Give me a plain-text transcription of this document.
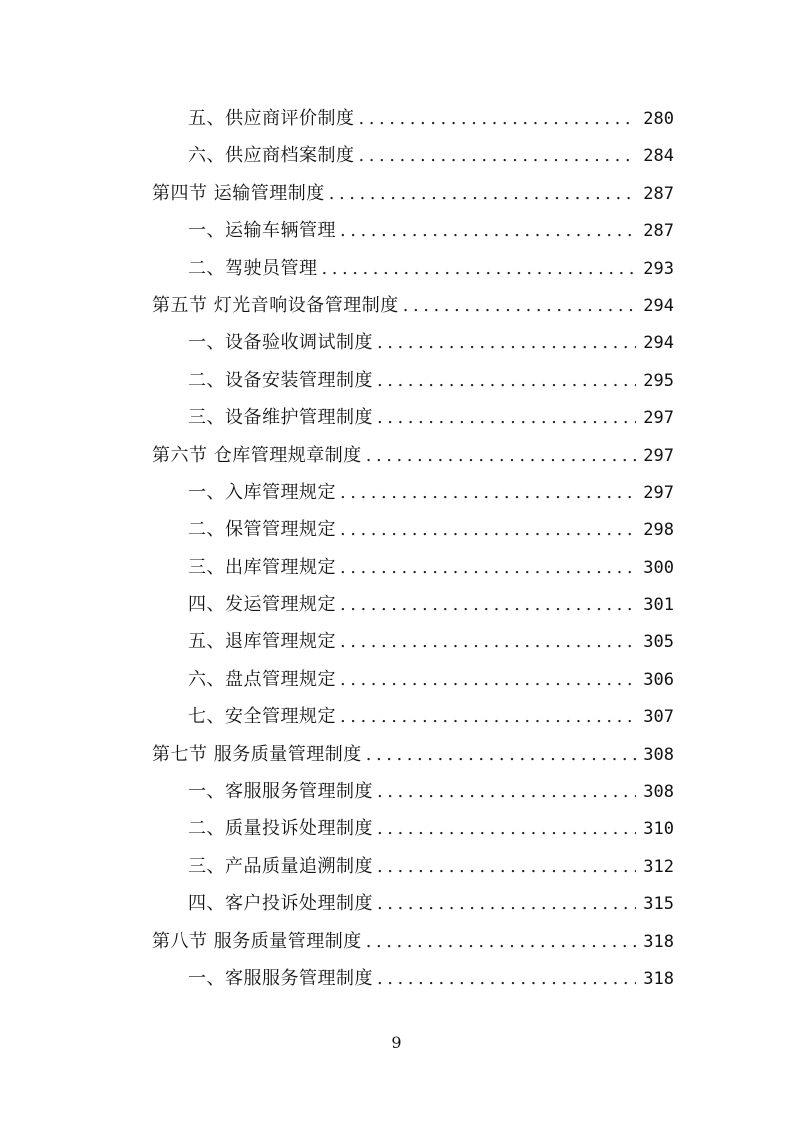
五、供应商评价制度 . . .	280
六、供应商档案制度 . . .	284
第四节 运输管理制度 . . .	287
一、运输车辆管理 . . .	287
二、驾驶员管理 . . .	293
第五节 灯光音响设备管理制度 . . .	294
一、设备验收调试制度 . . .	294
二、设备安装管理制度 . . .	295
三、设备维护管理制度 . . .	297
第六节 仓库管理规章制度 . . .	297
一、入库管理规定 . . .	297
二、保管管理规定 . . .	298
三、出库管理规定 . . .	300
四、发运管理规定 . . .	301
五、退库管理规定 . . .	305
六、盘点管理规定 . . .	306
七、安全管理规定 . . .	307
第七节 服务质量管理制度 . . .	308
一、客服服务管理制度 . . .	308
二、质量投诉处理制度 . . .	310
三、产品质量追溯制度 . . .	312
四、客户投诉处理制度 . . .	315
第八节 服务质量管理制度 . . .	318
一、客服服务管理制度 . . .	318
9
